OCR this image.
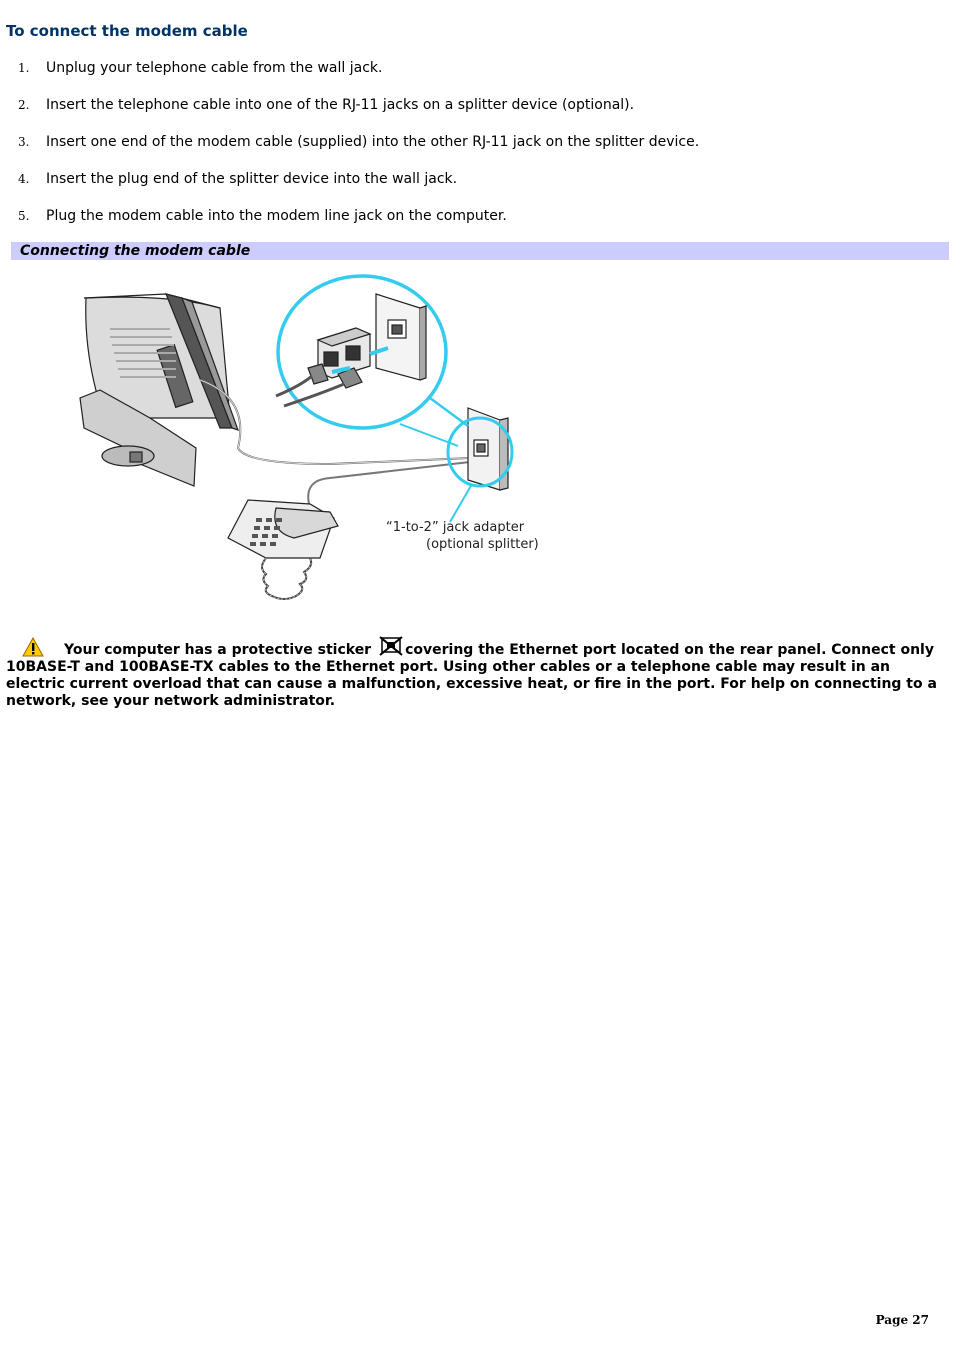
To connect the modem cable
1. Unplug your telephone cable from the wall jack.
2. Insert the telephone cable into one of the RJ-11 jacks on a splitter device (optional).
3. Insert one end of the modem cable (supplied) into the other RJ-11 jack on the splitter device.
4. Insert the plug end of the splitter device into the wall jack.
5. Plug the modem cable into the modem line jack on the computer.
Connecting the modem cable
“1-to-2” jack adapter
(optional splitter)
Your computer has a protective sticker covering the Ethernet port located on the rear panel. Connect only 10BASE-T and 100BASE-TX cables to the Ethernet port. Using other cables or a telephone cable may result in an electric current overload that can cause a malfunction, excessive heat, or fire in the port. For help on connecting to a network, see your network administrator.
Page 27
